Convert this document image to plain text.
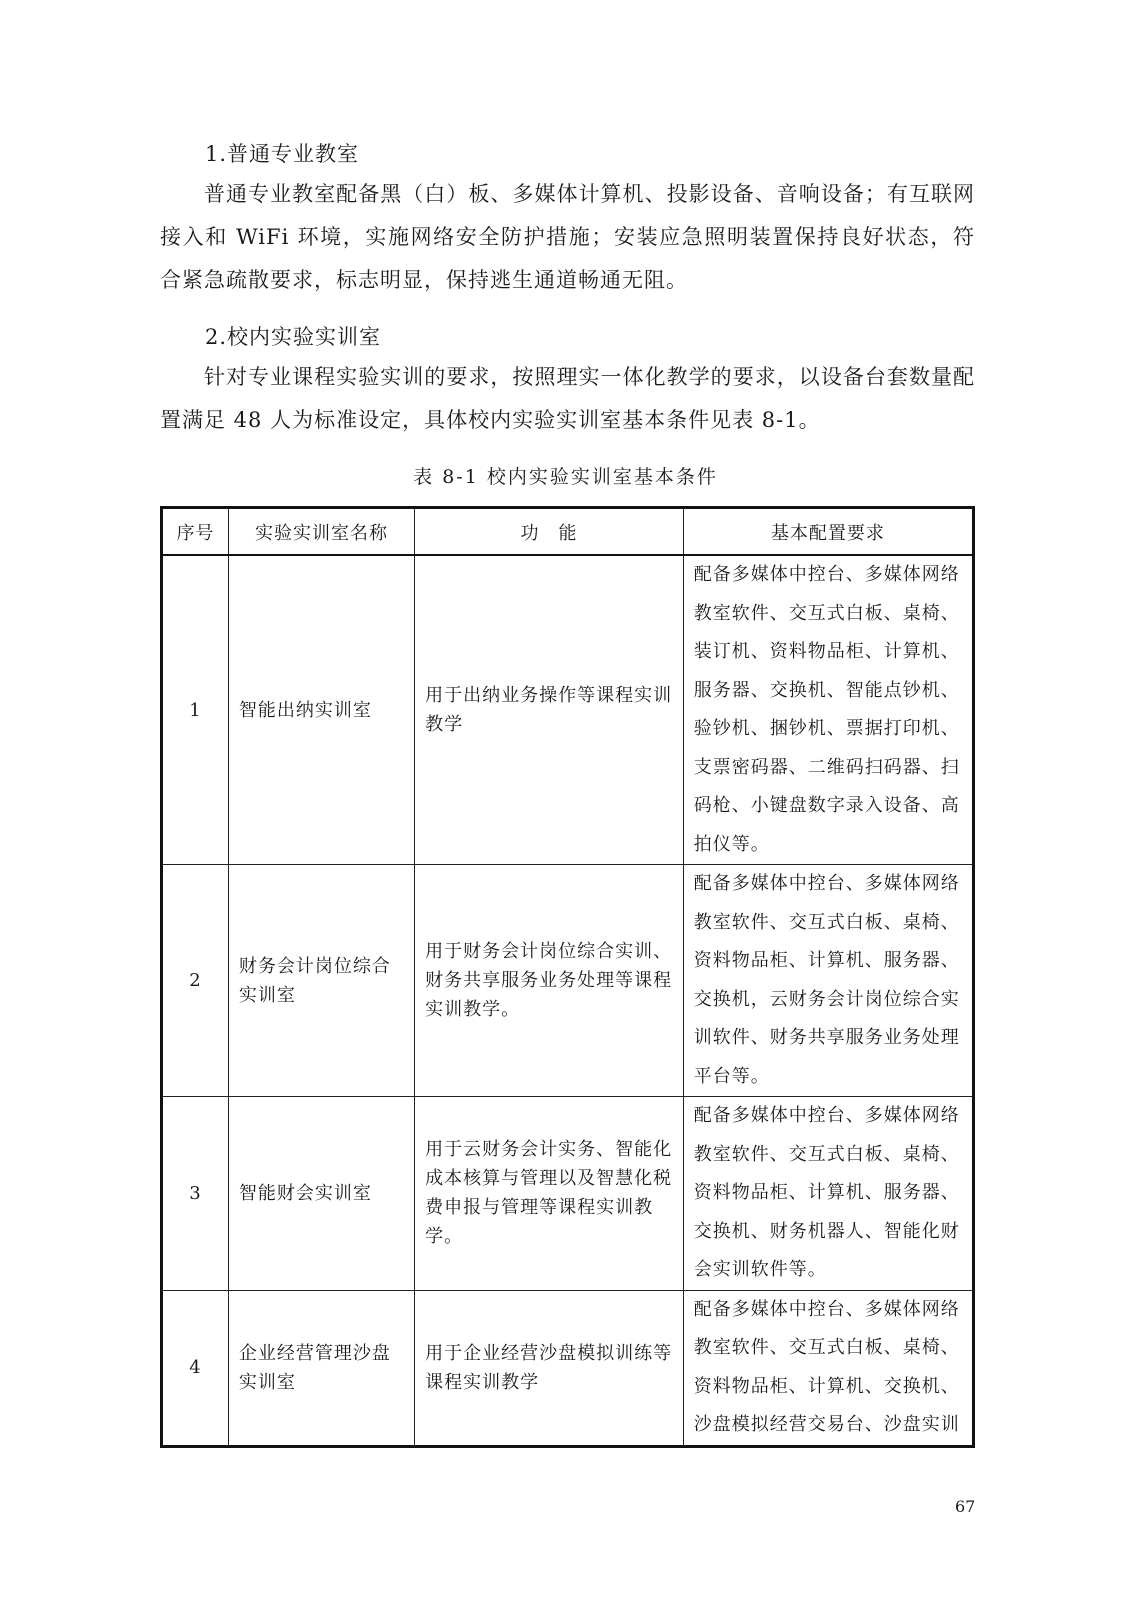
1.普通专业教室

普通专业教室配备黑（白）板、多媒体计算机、投影设备、音响设备；有互联网接入和 WiFi 环境，实施网络安全防护措施；安装应急照明装置保持良好状态，符合紧急疏散要求，标志明显，保持逃生通道畅通无阻。

2.校内实验实训室

针对专业课程实验实训的要求，按照理实一体化教学的要求，以设备台套数量配置满足 48 人为标准设定，具体校内实验实训室基本条件见表 8-1。

表 8-1 校内实验实训室基本条件

序号	实验实训室名称	功　能	基本配置要求
1	智能出纳实训室	用于出纳业务操作等课程实训教学	配备多媒体中控台、多媒体网络教室软件、交互式白板、桌椅、装订机、资料物品柜、计算机、服务器、交换机、智能点钞机、验钞机、捆钞机、票据打印机、支票密码器、二维码扫码器、扫码枪、小键盘数字录入设备、高拍仪等。
2	财务会计岗位综合实训室	用于财务会计岗位综合实训、财务共享服务业务处理等课程实训教学。	配备多媒体中控台、多媒体网络教室软件、交互式白板、桌椅、资料物品柜、计算机、服务器、交换机，云财务会计岗位综合实训软件、财务共享服务业务处理平台等。
3	智能财会实训室	用于云财务会计实务、智能化成本核算与管理以及智慧化税费申报与管理等课程实训教学。	配备多媒体中控台、多媒体网络教室软件、交互式白板、桌椅、资料物品柜、计算机、服务器、交换机、财务机器人、智能化财会实训软件等。
4	企业经营管理沙盘实训室	用于企业经营沙盘模拟训练等课程实训教学	配备多媒体中控台、多媒体网络教室软件、交互式白板、桌椅、资料物品柜、计算机、交换机、沙盘模拟经营交易台、沙盘实训

67
